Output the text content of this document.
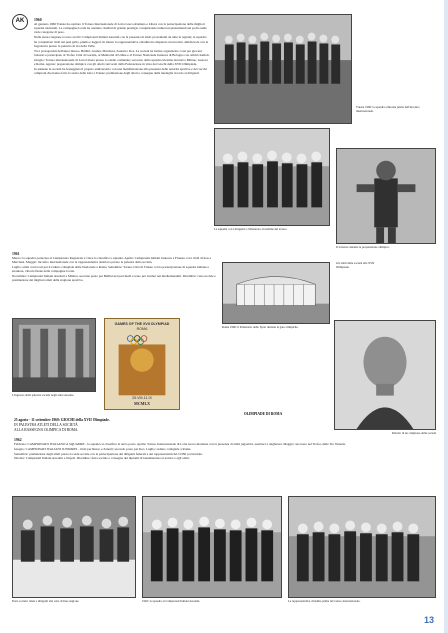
AK	1960

Al gennaio 1960 Trieste ha ospitato il Torneo Internazionale di Lotta Greco-Romana e Libera con la partecipazione delle migliori squadre nazionali. La compagine locale ha ottenuto risultati di grande prestigio conquistando numerosi piazzamenti sul podio nelle varie categorie di peso.

Nella stessa stagione si sono svolti i Campionati Italiani Assoluti con la presenza di atleti provenienti da tutte le regioni; la squadra ha conquistato titoli nei pesi gallo, piuma e leggeri. In marzo la rappresentativa cittadina ha disputato un incontro amichevole con la Jugoslavia presso la palestra di via della Valle.

Tra i protagonisti dell'anno: Russo, Bellini, Gruber, Marchesi, Zanetti e Kos. La società ha inoltre organizzato corsi per giovani lottatori e partecipato al Trofeo Città di Gorizia, al Memorial di Udine e al Torneo Nazionale Juniores di Bologna con ottimi risultati.

Giugno: Torneo internazionale di Lotta Libera presso lo stadio comunale; successo della squadra triestina davanti a Milano, Genova e Roma. Agosto: preparazione olimpica con gli atleti convocati dalla Federazione in vista dei Giochi della XVII Olimpiade.

In autunno la società ha festeggiato il proprio anniversario con una manifestazione alla presenza delle autorità sportive e dei vecchi campioni che hanno fatto la storia della lotta a Trieste; premiazione degli atleti e consegna delle medaglie ricordo ai dirigenti.

Trieste 1960: la squadra schierata prima dell'incontro internazionale.
La squadra con i dirigenti e l'allenatore al termine del torneo.
Il lottatore durante la preparazione olimpica.
1961

Marzo: la squadra partecipa al Campionato Regionale e vince la classifica a squadre. Aprile: Campionati Italiani Juniores a Firenze con i titoli di Kos e Marchesi. Maggio: incontro internazionale con la rappresentativa austriaca presso la palestra della società.

Luglio: atleti convocati per il raduno collegiale della Nazionale a Roma. Settembre: Torneo Città di Trieste con la partecipazione di squadre italiane e straniere, vittoria finale della compagine locale.

Novembre: Campionati Italiani Assoluti a Milano; secondo posto per Bellini nei pesi medi e terzo per Gruber nei mediomassimi. Dicembre: cena sociale e premiazione dei migliori atleti della stagione sportiva.

Roma 1960: il Palazzetto dello Sport durante le gare olimpiche.
Gli atleti della società alla XVII Olimpiade.
L'ingresso della palestra sociale negli anni sessanta.
GAMES OF THE XVII OLYMPIAD
ROMA
25.VIII-11.IX
MCMLX
Ritratto di un campione della società
OLIMPIADE DI ROMA
25 agosto - 11 settembre 1960: GIOCHI della XVII Olimpiade.
IN PALESTRA ATLETI DELLA SOCIETÀ
ALLA RASSEGNA OLIMPICA DI ROMA.
1962

Febbraio: CAMPIONATO ITALIANO A SQUADRE - la squadra si classifica al terzo posto. Aprile: Torneo Internazionale di Lotta Greco-Romana con la presenza di atleti jugoslavi, austriaci e ungheresi. Maggio: successo nel Trofeo delle Tre Venezie.

Giugno: CAMPIONATI ITALIANI JUNIORES - titoli per Russo e Zanetti; secondo posto per Kos. Luglio: raduno collegiale a Roma.

Settembre: premiazione degli atleti presso la sede sociale con la partecipazione dei dirigenti federali e dei rappresentanti del CONI provinciale.

Ottobre: Campionati Italiani Assoluti a Napoli. Dicembre: festa sociale e consegna dei diplomi di benemerenza ai tecnici e agli atleti.

Festa sociale: atleti e dirigenti alla cena di fine stagione.	1962: la squadra ai Campionati Italiani Assoluti.	La rappresentativa cittadina prima del torneo internazionale.
13
